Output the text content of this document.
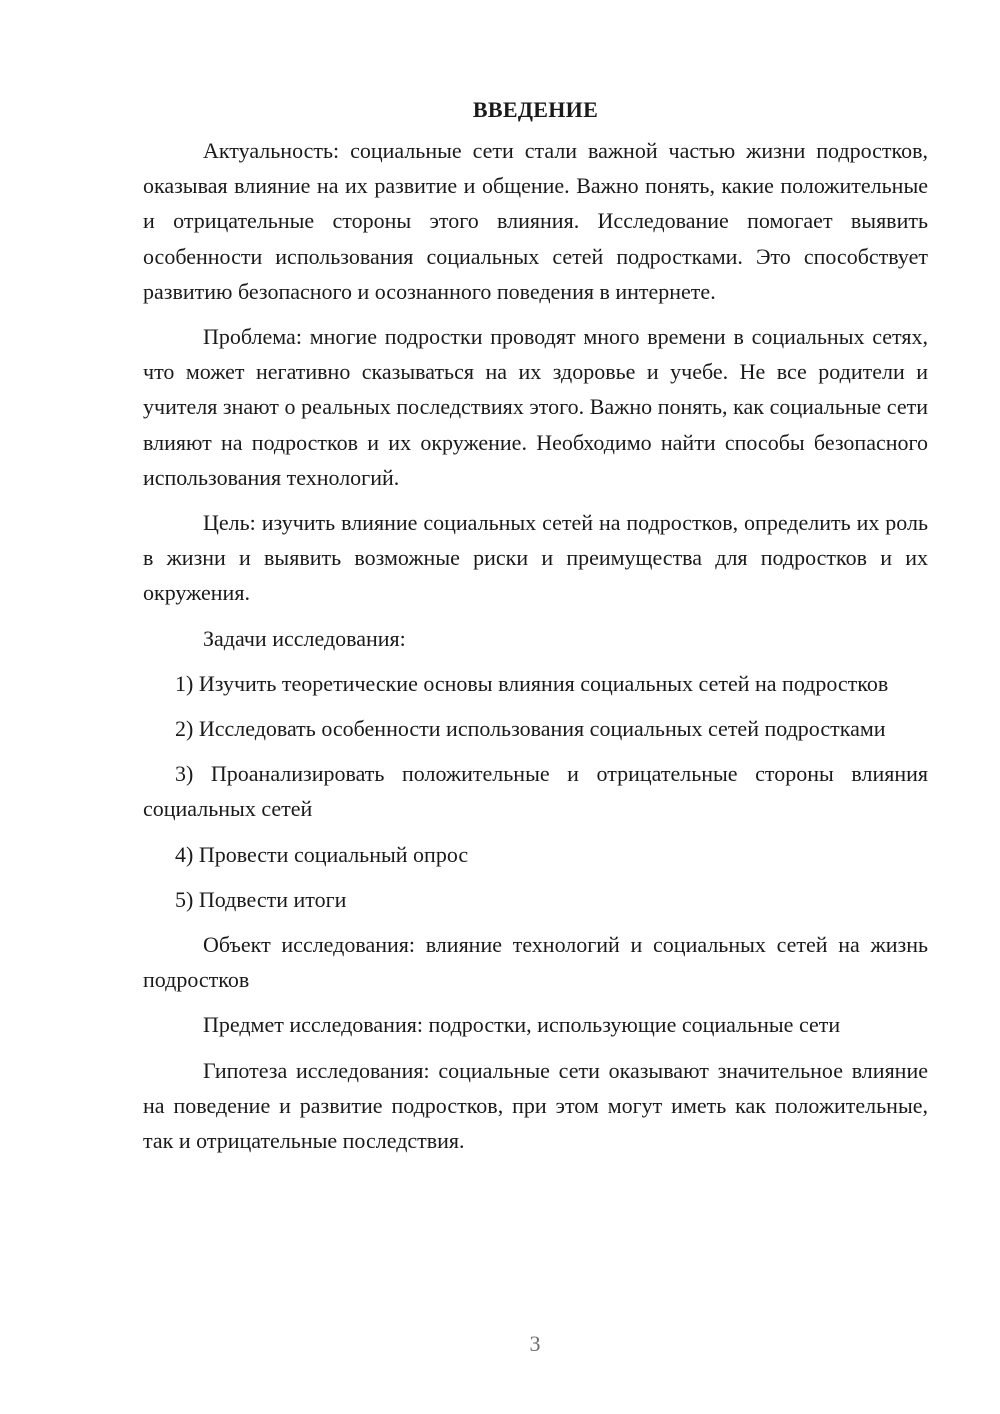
ВВЕДЕНИЕ

Актуальность: социальные сети стали важной частью жизни подростков, оказывая влияние на их развитие и общение. Важно понять, какие положительные и отрицательные стороны этого влияния. Исследование помогает выявить особенности использования социальных сетей подростками. Это способствует развитию безопасного и осознанного поведения в интернете.

Проблема: многие подростки проводят много времени в социальных сетях, что может негативно сказываться на их здоровье и учебе. Не все родители и учителя знают о реальных последствиях этого. Важно понять, как социальные сети влияют на подростков и их окружение. Необходимо найти способы безопасного использования технологий.

Цель: изучить влияние социальных сетей на подростков, определить их роль в жизни и выявить возможные риски и преимущества для подростков и их окружения.

Задачи исследования:

1) Изучить теоретические основы влияния социальных сетей на подростков

2) Исследовать особенности использования социальных сетей подростками

3) Проанализировать положительные и отрицательные стороны влияния социальных сетей

4) Провести социальный опрос

5) Подвести итоги

Объект исследования: влияние технологий и социальных сетей на жизнь подростков

Предмет исследования: подростки, использующие социальные сети

Гипотеза исследования: социальные сети оказывают значительное влияние на поведение и развитие подростков, при этом могут иметь как положительные, так и отрицательные последствия.

3
